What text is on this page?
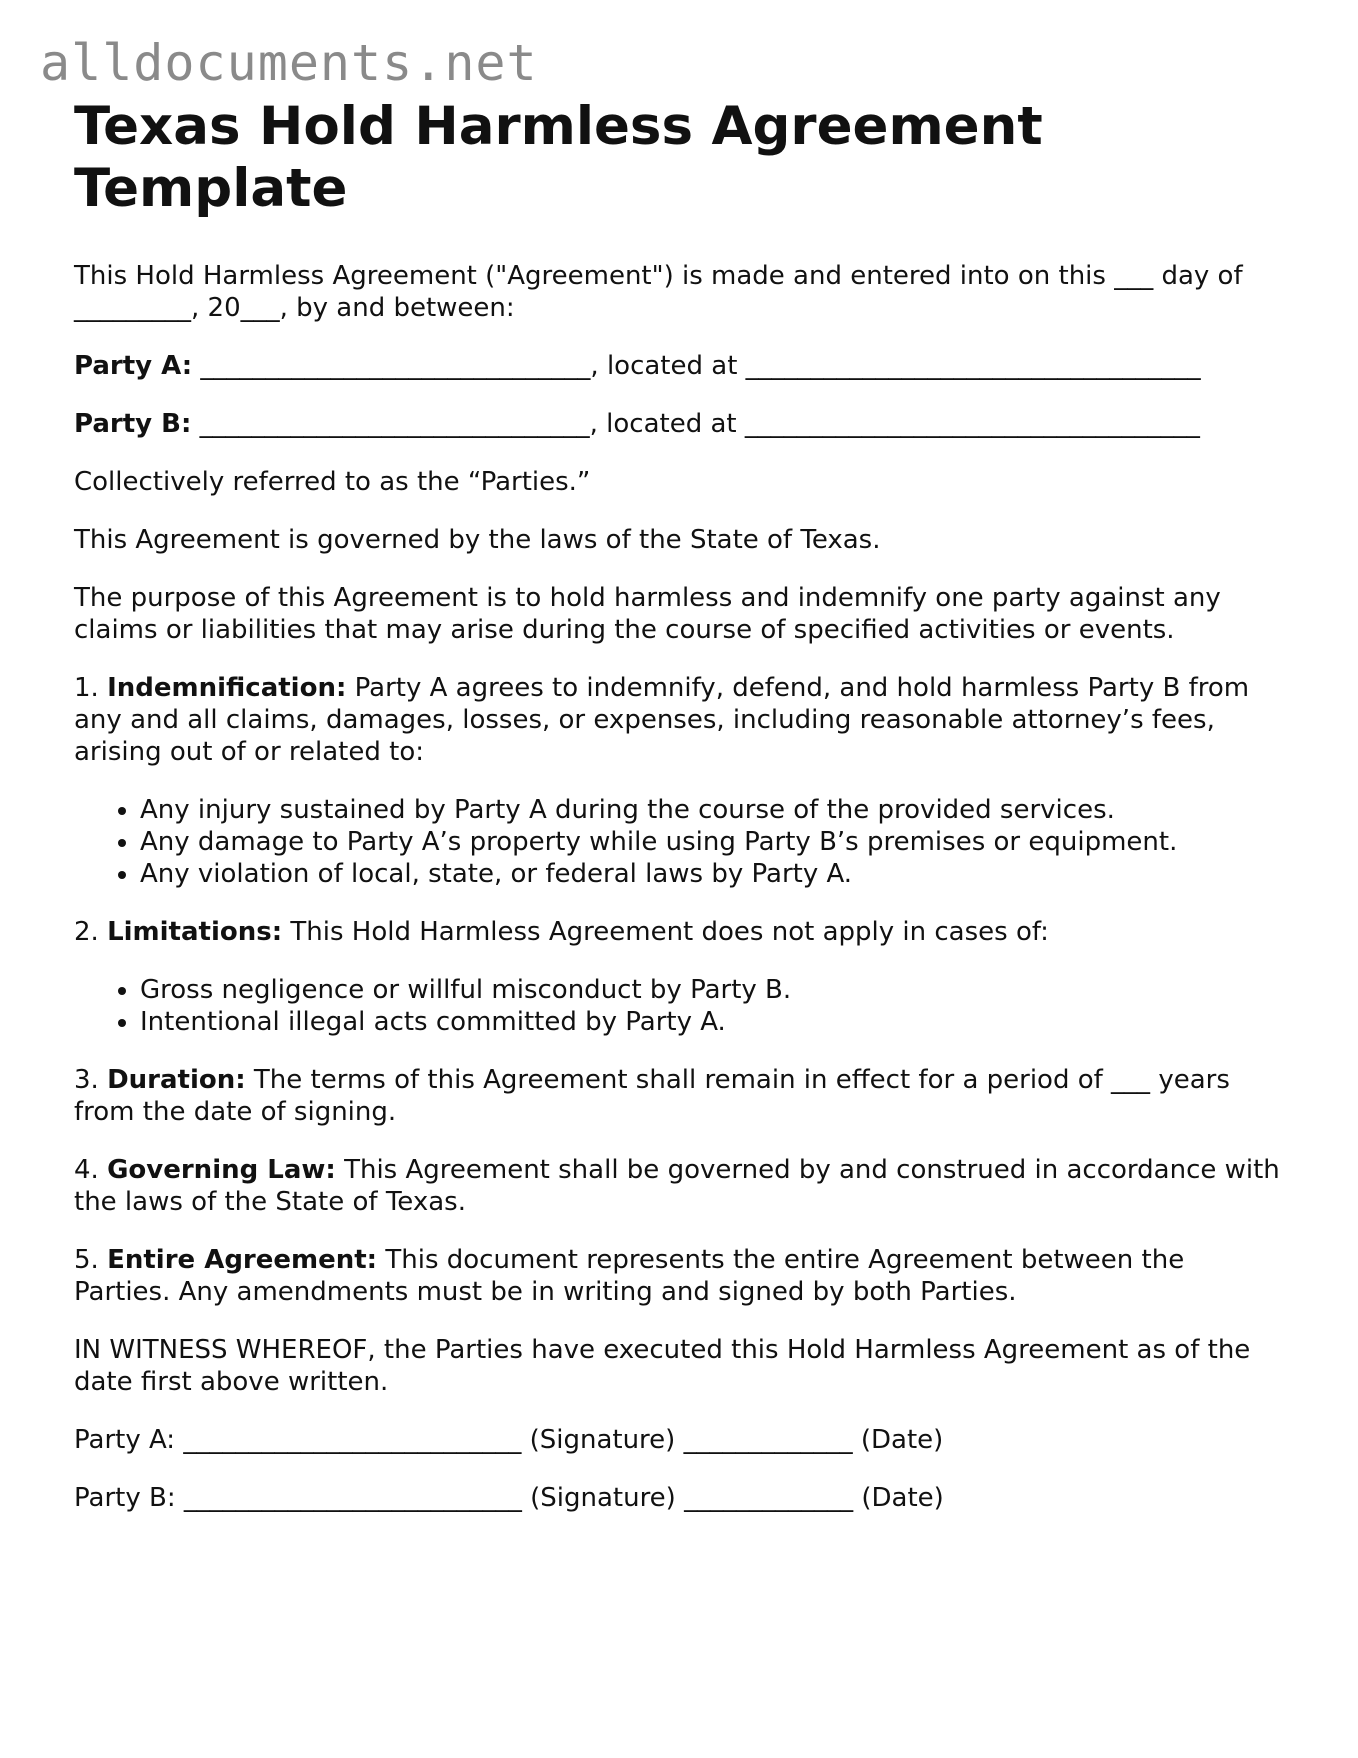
alldocuments.net
Texas Hold Harmless Agreement Template

This Hold Harmless Agreement ("Agreement") is made and entered into on this ___ day of _________, 20___, by and between:

Party A: ______________________________, located at ___________________________________

Party B: ______________________________, located at ___________________________________

Collectively referred to as the “Parties.”

This Agreement is governed by the laws of the State of Texas.

The purpose of this Agreement is to hold harmless and indemnify one party against any claims or liabilities that may arise during the course of specified activities or events.

1. Indemnification: Party A agrees to indemnify, defend, and hold harmless Party B from any and all claims, damages, losses, or expenses, including reasonable attorney’s fees, arising out of or related to:

• Any injury sustained by Party A during the course of the provided services.
• Any damage to Party A’s property while using Party B’s premises or equipment.
• Any violation of local, state, or federal laws by Party A.

2. Limitations: This Hold Harmless Agreement does not apply in cases of:

• Gross negligence or willful misconduct by Party B.
• Intentional illegal acts committed by Party A.

3. Duration: The terms of this Agreement shall remain in effect for a period of ___ years from the date of signing.

4. Governing Law: This Agreement shall be governed by and construed in accordance with the laws of the State of Texas.

5. Entire Agreement: This document represents the entire Agreement between the Parties. Any amendments must be in writing and signed by both Parties.

IN WITNESS WHEREOF, the Parties have executed this Hold Harmless Agreement as of the date first above written.

Party A: __________________________ (Signature) _____________ (Date)

Party B: __________________________ (Signature) _____________ (Date)
